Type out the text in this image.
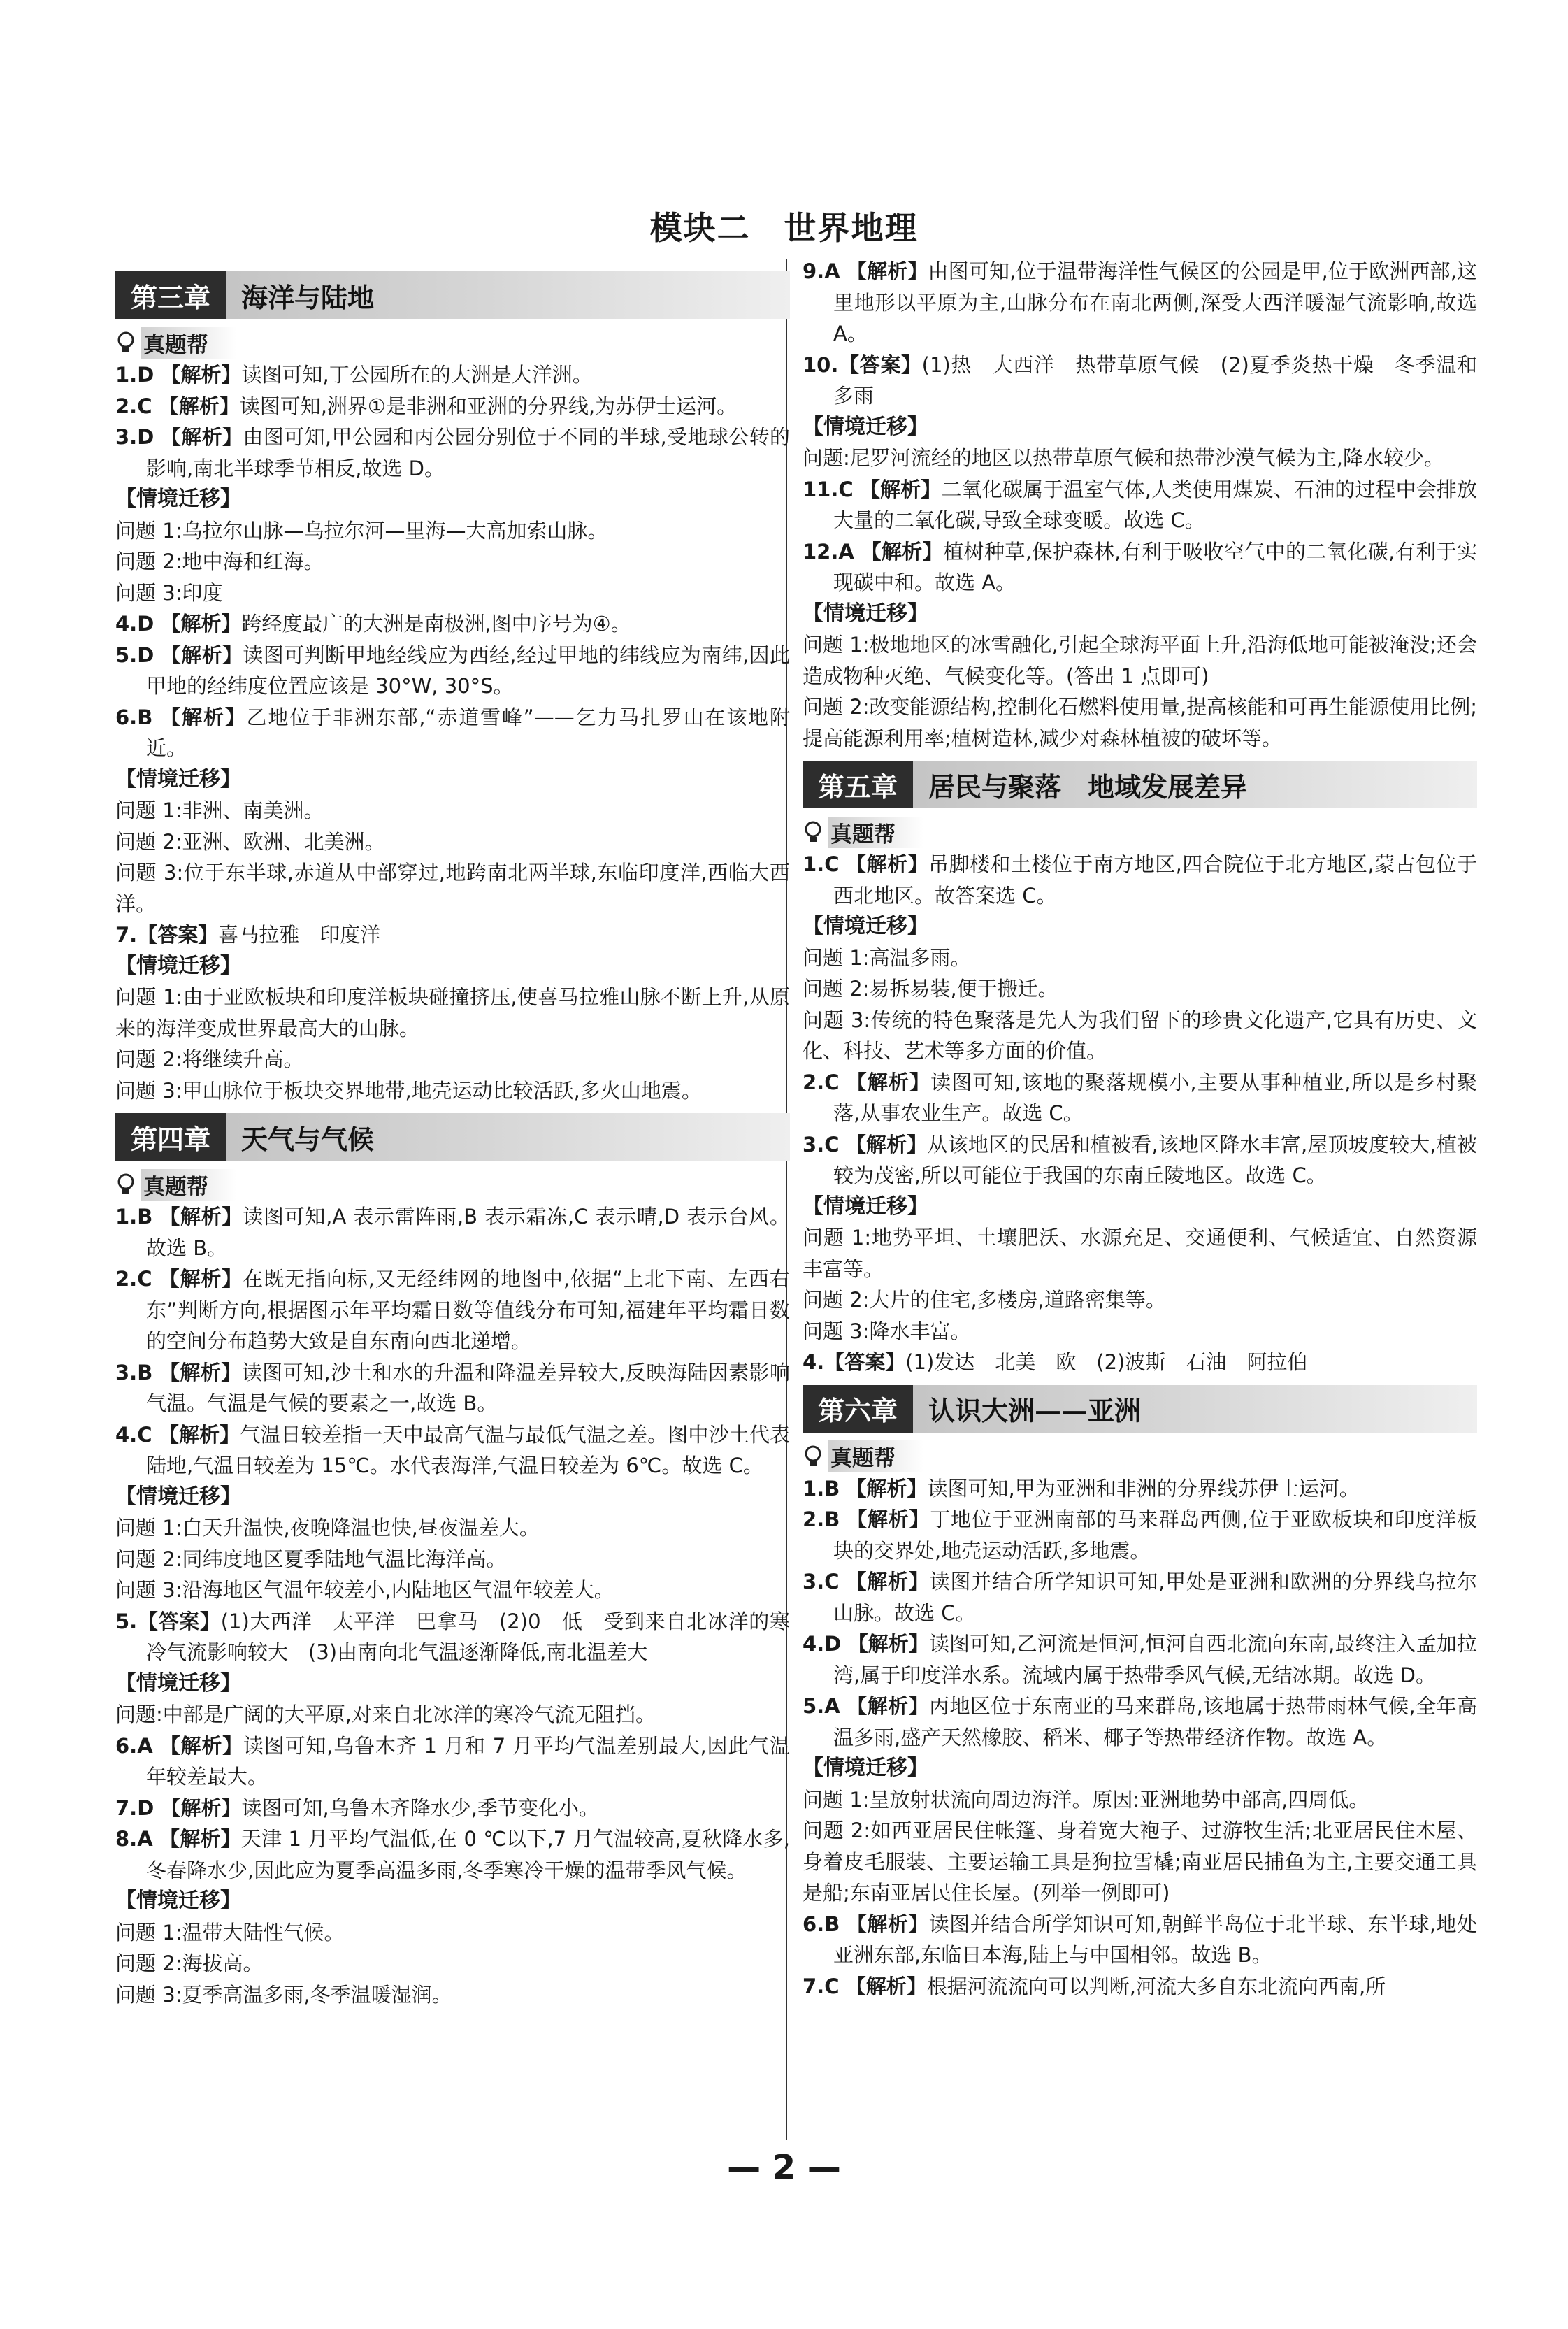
模块二　世界地理
第三章	海洋与陆地
真题帮
1.D 【解析】读图可知,丁公园所在的大洲是大洋洲。
2.C 【解析】读图可知,洲界①是非洲和亚洲的分界线,为苏伊士运河。
3.D 【解析】由图可知,甲公园和丙公园分别位于不同的半球,受地球公转的影响,南北半球季节相反,故选 D。
【情境迁移】
问题 1:乌拉尔山脉—乌拉尔河—里海—大高加索山脉。
问题 2:地中海和红海。
问题 3:印度
4.D 【解析】跨经度最广的大洲是南极洲,图中序号为④。
5.D 【解析】读图可判断甲地经线应为西经,经过甲地的纬线应为南纬,因此甲地的经纬度位置应该是 30°W, 30°S。
6.B 【解析】乙地位于非洲东部,“赤道雪峰”——乞力马扎罗山在该地附近。
【情境迁移】
问题 1:非洲、南美洲。
问题 2:亚洲、欧洲、北美洲。
问题 3:位于东半球,赤道从中部穿过,地跨南北两半球,东临印度洋,西临大西洋。
7.【答案】喜马拉雅　印度洋
【情境迁移】
问题 1:由于亚欧板块和印度洋板块碰撞挤压,使喜马拉雅山脉不断上升,从原来的海洋变成世界最高大的山脉。
问题 2:将继续升高。
问题 3:甲山脉位于板块交界地带,地壳运动比较活跃,多火山地震。
第四章	天气与气候
真题帮
1.B 【解析】读图可知,A 表示雷阵雨,B 表示霜冻,C 表示晴,D 表示台风。故选 B。
2.C 【解析】在既无指向标,又无经纬网的地图中,依据“上北下南、左西右东”判断方向,根据图示年平均霜日数等值线分布可知,福建年平均霜日数的空间分布趋势大致是自东南向西北递增。
3.B 【解析】读图可知,沙土和水的升温和降温差异较大,反映海陆因素影响气温。气温是气候的要素之一,故选 B。
4.C 【解析】气温日较差指一天中最高气温与最低气温之差。图中沙土代表陆地,气温日较差为 15℃。水代表海洋,气温日较差为 6℃。故选 C。
【情境迁移】
问题 1:白天升温快,夜晚降温也快,昼夜温差大。
问题 2:同纬度地区夏季陆地气温比海洋高。
问题 3:沿海地区气温年较差小,内陆地区气温年较差大。
5.【答案】(1)大西洋　太平洋　巴拿马　(2)0　低　受到来自北冰洋的寒冷气流影响较大　(3)由南向北气温逐渐降低,南北温差大
【情境迁移】
问题:中部是广阔的大平原,对来自北冰洋的寒冷气流无阻挡。
6.A 【解析】读图可知,乌鲁木齐 1 月和 7 月平均气温差别最大,因此气温年较差最大。
7.D 【解析】读图可知,乌鲁木齐降水少,季节变化小。
8.A 【解析】天津 1 月平均气温低,在 0 ℃以下,7 月气温较高,夏秋降水多,冬春降水少,因此应为夏季高温多雨,冬季寒冷干燥的温带季风气候。
【情境迁移】
问题 1:温带大陆性气候。
问题 2:海拔高。
问题 3:夏季高温多雨,冬季温暖湿润。
9.A 【解析】由图可知,位于温带海洋性气候区的公园是甲,位于欧洲西部,这里地形以平原为主,山脉分布在南北两侧,深受大西洋暖湿气流影响,故选 A。
10.【答案】(1)热　大西洋　热带草原气候　(2)夏季炎热干燥　冬季温和多雨
【情境迁移】
问题:尼罗河流经的地区以热带草原气候和热带沙漠气候为主,降水较少。
11.C 【解析】二氧化碳属于温室气体,人类使用煤炭、石油的过程中会排放大量的二氧化碳,导致全球变暖。故选 C。
12.A 【解析】植树种草,保护森林,有利于吸收空气中的二氧化碳,有利于实现碳中和。故选 A。
【情境迁移】
问题 1:极地地区的冰雪融化,引起全球海平面上升,沿海低地可能被淹没;还会造成物种灭绝、气候变化等。(答出 1 点即可)
问题 2:改变能源结构,控制化石燃料使用量,提高核能和可再生能源使用比例;提高能源利用率;植树造林,减少对森林植被的破坏等。
第五章	居民与聚落　地域发展差异
真题帮
1.C 【解析】吊脚楼和土楼位于南方地区,四合院位于北方地区,蒙古包位于西北地区。故答案选 C。
【情境迁移】
问题 1:高温多雨。
问题 2:易拆易装,便于搬迁。
问题 3:传统的特色聚落是先人为我们留下的珍贵文化遗产,它具有历史、文化、科技、艺术等多方面的价值。
2.C 【解析】读图可知,该地的聚落规模小,主要从事种植业,所以是乡村聚落,从事农业生产。故选 C。
3.C 【解析】从该地区的民居和植被看,该地区降水丰富,屋顶坡度较大,植被较为茂密,所以可能位于我国的东南丘陵地区。故选 C。
【情境迁移】
问题 1:地势平坦、土壤肥沃、水源充足、交通便利、气候适宜、自然资源丰富等。
问题 2:大片的住宅,多楼房,道路密集等。
问题 3:降水丰富。
4.【答案】(1)发达　北美　欧　(2)波斯　石油　阿拉伯
第六章	认识大洲——亚洲
真题帮
1.B 【解析】读图可知,甲为亚洲和非洲的分界线苏伊士运河。
2.B 【解析】丁地位于亚洲南部的马来群岛西侧,位于亚欧板块和印度洋板块的交界处,地壳运动活跃,多地震。
3.C 【解析】读图并结合所学知识可知,甲处是亚洲和欧洲的分界线乌拉尔山脉。故选 C。
4.D 【解析】读图可知,乙河流是恒河,恒河自西北流向东南,最终注入孟加拉湾,属于印度洋水系。流域内属于热带季风气候,无结冰期。故选 D。
5.A 【解析】丙地区位于东南亚的马来群岛,该地属于热带雨林气候,全年高温多雨,盛产天然橡胶、稻米、椰子等热带经济作物。故选 A。
【情境迁移】
问题 1:呈放射状流向周边海洋。原因:亚洲地势中部高,四周低。
问题 2:如西亚居民住帐篷、身着宽大袍子、过游牧生活;北亚居民住木屋、身着皮毛服装、主要运输工具是狗拉雪橇;南亚居民捕鱼为主,主要交通工具是船;东南亚居民住长屋。(列举一例即可)
6.B 【解析】读图并结合所学知识可知,朝鲜半岛位于北半球、东半球,地处亚洲东部,东临日本海,陆上与中国相邻。故选 B。
7.C 【解析】根据河流流向可以判断,河流大多自东北流向西南,所
— 2 —
